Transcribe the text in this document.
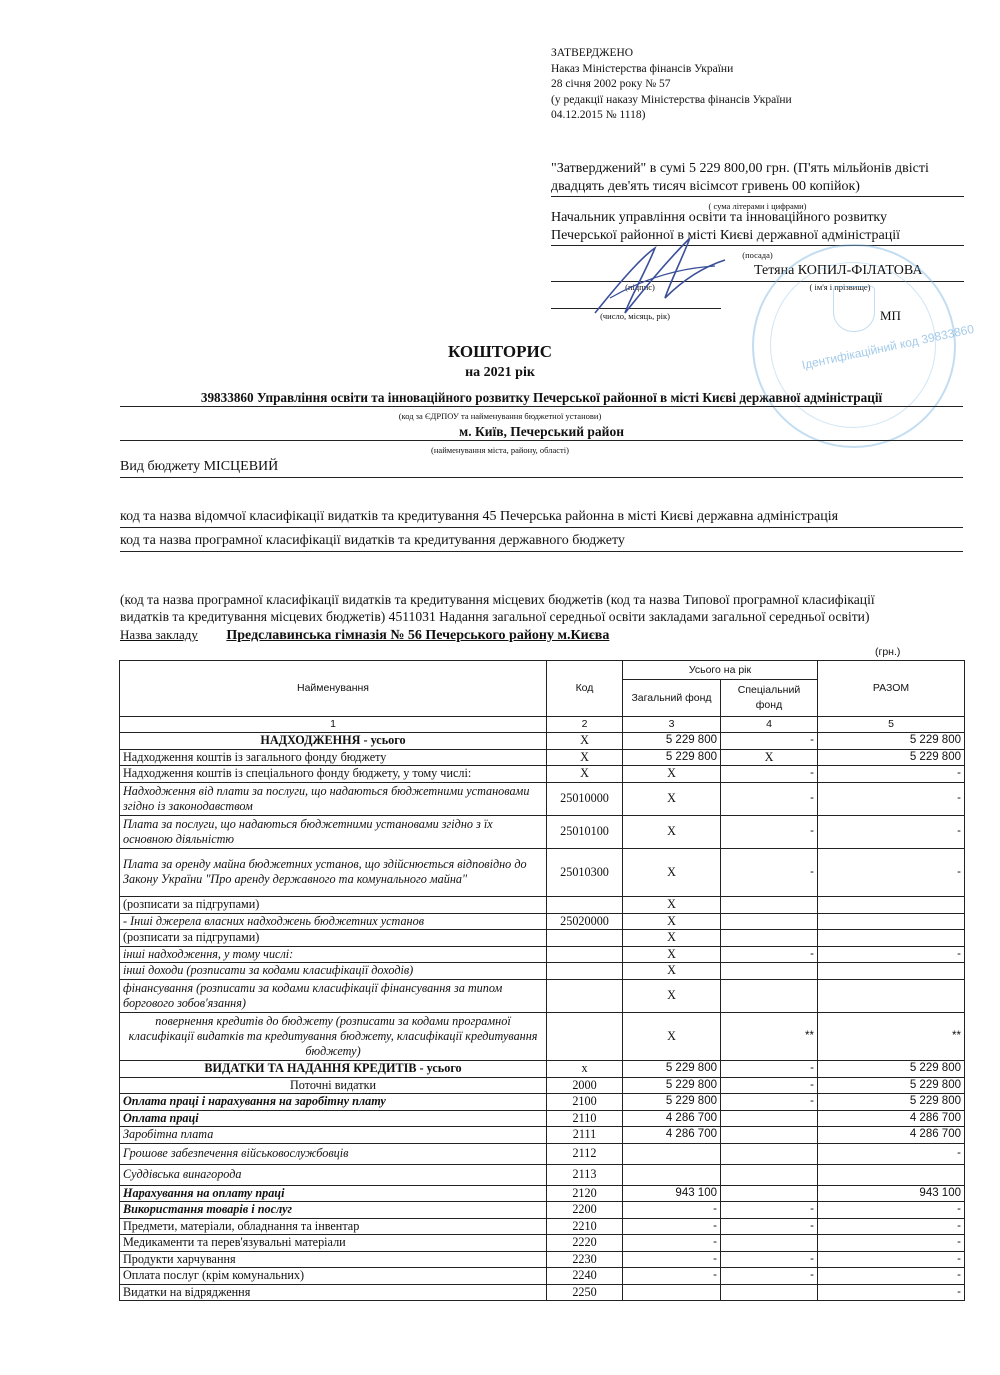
ЗАТВЕРДЖЕНО
Наказ Міністерства фінансів України
28 січня 2002 року № 57
(у редакції наказу Міністерства фінансів України
04.12.2015 № 1118)
"Затверджений" в сумі 5 229 800,00 грн. (П'ять мільйонів двісті
двадцять дев'ять тисяч вісімсот гривень 00 копійок)
( сума літерами і цифрами)
Начальник управління освіти та інноваційного розвитку
Печерської районної в місті Києві державної адміністрації
(посада)
Тетяна КОПИЛ-ФІЛАТОВА
(підпис)	( ім'я і прізвище)
(число, місяць, рік)	МП
Ідентифікаційний код 39833860
КОШТОРИС
на 2021 рік
39833860 Управління освіти та інноваційного розвитку Печерської районної в місті Києві державної адміністрації
(код за ЄДРПОУ та найменування бюджетної установи)
м. Київ, Печерський район
(найменування міста, району, області)
Вид бюджету МІСЦЕВИЙ
код та назва відомчої класифікації видатків та кредитування 45 Печерська районна в місті Києві державна адміністрація
код та назва програмної класифікації видатків та кредитування державного бюджету
(код та назва програмної класифікації видатків та кредитування місцевих бюджетів (код та назва Типової програмної класифікації
видатків та кредитування місцевих бюджетів) 4511031 Надання загальної середньої освіти закладами загальної середньої освіти)
Назва закладу Предславинська гімназія № 56 Печерського району м.Києва
(грн.)
Найменування	Код	Усього на рік		РАЗОМ
		Загальний фонд	Спеціальний фонд	
1	2	3	4	5
НАДХОДЖЕННЯ - усього	X	5 229 800	-	5 229 800
Надходження коштів із загального фонду бюджету	X	5 229 800	X	5 229 800
Надходження коштів із спеціального фонду бюджету, у тому числі:	X	X	-	-
Надходження від плати за послуги, що надаються бюджетними установами згідно із законодавством	25010000	X	-	-
Плата за послуги, що надаються бюджетними установами згідно з їх основною діяльністю	25010100	X	-	-
Плата за оренду майна бюджетних установ, що здійснюється відповідно до Закону України "Про аренду державного та комунального майна"	25010300	X	-	-
(розписати за підгрупами)		X		
- Інші джерела власних надходжень бюджетних установ	25020000	X		
(розписати за підгрупами)		X		
інші надходження, у тому числі:		X	-	-
інші доходи (розписати за кодами класифікації доходів)		X		
фінансування (розписати за кодами класифікації фінансування за типом боргового зобов'язання)		X		
повернення кредитів до бюджету (розписати за кодами програмної класифікації видатків та кредитування бюджету, класифікації кредитування бюджету)		X	**	**
ВИДАТКИ ТА НАДАННЯ КРЕДИТІВ - усього	x	5 229 800	-	5 229 800
Поточні видатки	2000	5 229 800	-	5 229 800
Оплата праці і нарахування на заробітну плату	2100	5 229 800	-	5 229 800
Оплата праці	2110	4 286 700		4 286 700
Заробітна плата	2111	4 286 700		4 286 700
Грошове забезпечення військовослужбовців	2112			-
Суддівська винагорода	2113			
Нарахування на оплату праці	2120	943 100		943 100
Використання товарів і послуг	2200	-	-	-
Предмети, матеріали, обладнання та інвентар	2210	-	-	-
Медикаменти та перев'язувальні матеріали	2220	-		-
Продукти харчування	2230	-	-	-
Оплата послуг (крім комунальних)	2240	-	-	-
Видатки на відрядження	2250			-
